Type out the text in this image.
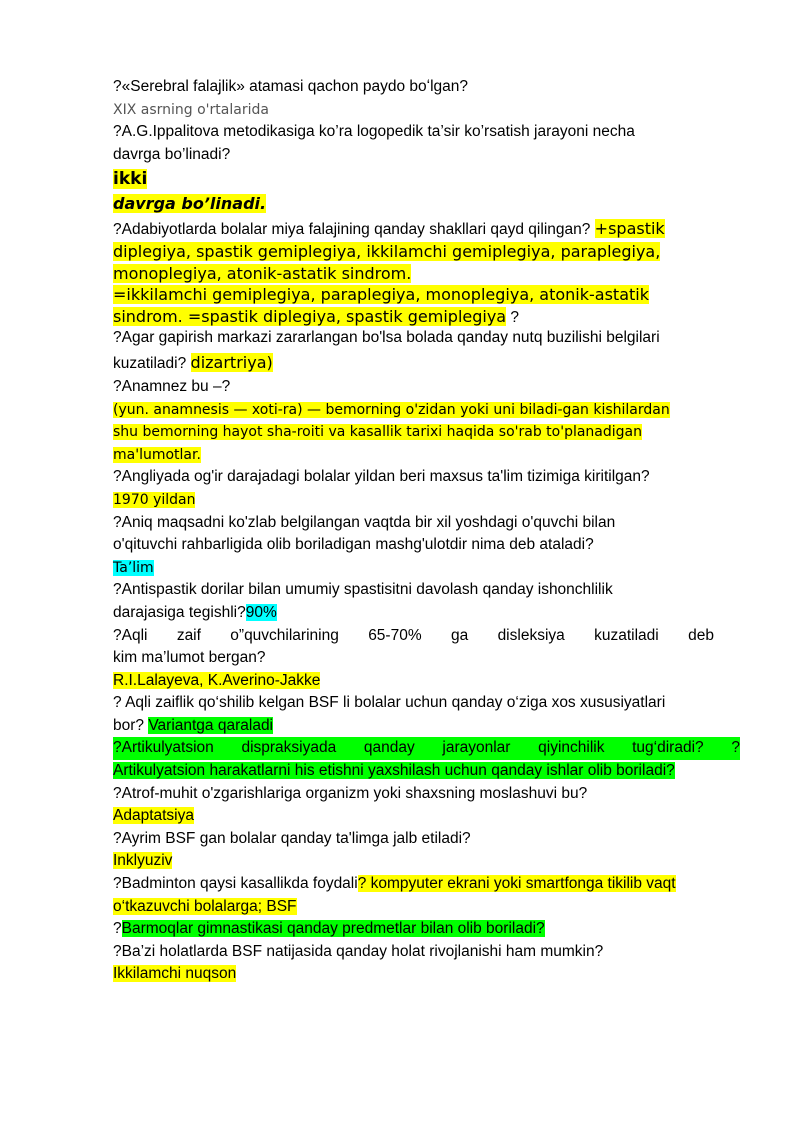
?«Serebral falajlik» atamasi qachon paydo boʻlgan?
XIX asrning o'rtalarida
?A.G.Ippalitova metodikasiga ko’ra logopedik ta’sir ko’rsatish jarayoni necha
davrga bo’linadi?
ikki
davrga bo’linadi.
?Adabiyotlarda bolalar miya falajining qanday shakllari qayd qilingan? +spastik
diplegiya, spastik gemiplegiya, ikkilamchi gemiplegiya, paraplegiya,
monoplegiya, atonik-astatik sindrom.
=ikkilamchi gemiplegiya, paraplegiya, monoplegiya, atonik-astatik
sindrom. =spastik diplegiya, spastik gemiplegiya ?
?Agar gapirish markazi zararlangan bo'lsa bolada qanday nutq buzilishi belgilari
kuzatiladi? dizartriya)
?Anamnez bu –?
(yun. anamnesis — xoti-ra) — bemorning o'zidan yoki uni biladi-gan kishilardan
shu bemorning hayot sha-roiti va kasallik tarixi haqida so'rab to'planadigan
ma'lumotlar.
?Angliyada og'ir darajadagi bolalar yildan beri maxsus ta'lim tizimiga kiritilgan?
1970 yildan
?Aniq maqsadni ko'zlab belgilangan vaqtda bir xil yoshdagi o'quvchi bilan
o'qituvchi rahbarligida olib boriladigan mashg'ulotdir nima deb ataladi?
Ta’lim
?Antispastik dorilar bilan umumiy spastisitni davolash qanday ishonchlilik
darajasiga tegishli?90%
?Aqli zaif o”quvchilarining 65-70% ga disleksiya kuzatiladi deb
kim ma’lumot bergan?
R.I.Lalayeva, K.Averino-Jakke
? Aqli zaiflik qo‘shilib kelgan BSF li bolalar uchun qanday o‘ziga xos xususiyatlari
bor? Variantga qaraladi
?Artikulyatsion dispraksiyada qanday jarayonlar qiyinchilik tug‘diradi? ?
Artikulyatsion harakatlarni his etishni yaxshilash uchun qanday ishlar olib boriladi?
?Atrof-muhit o'zgarishlariga organizm yoki shaxsning moslashuvi bu?
Adaptatsiya
?Ayrim BSF gan bolalar qanday ta'limga jalb etiladi?
Inklyuziv
?Badminton qaysi kasallikda foydali? kompyuter ekrani yoki smartfonga tikilib vaqt
o‘tkazuvchi bolalarga; BSF
?Barmoqlar gimnastikasi qanday predmetlar bilan olib boriladi?
?Ba’zi holatlarda BSF natijasida qanday holat rivojlanishi ham mumkin?
Ikkilamchi nuqson
